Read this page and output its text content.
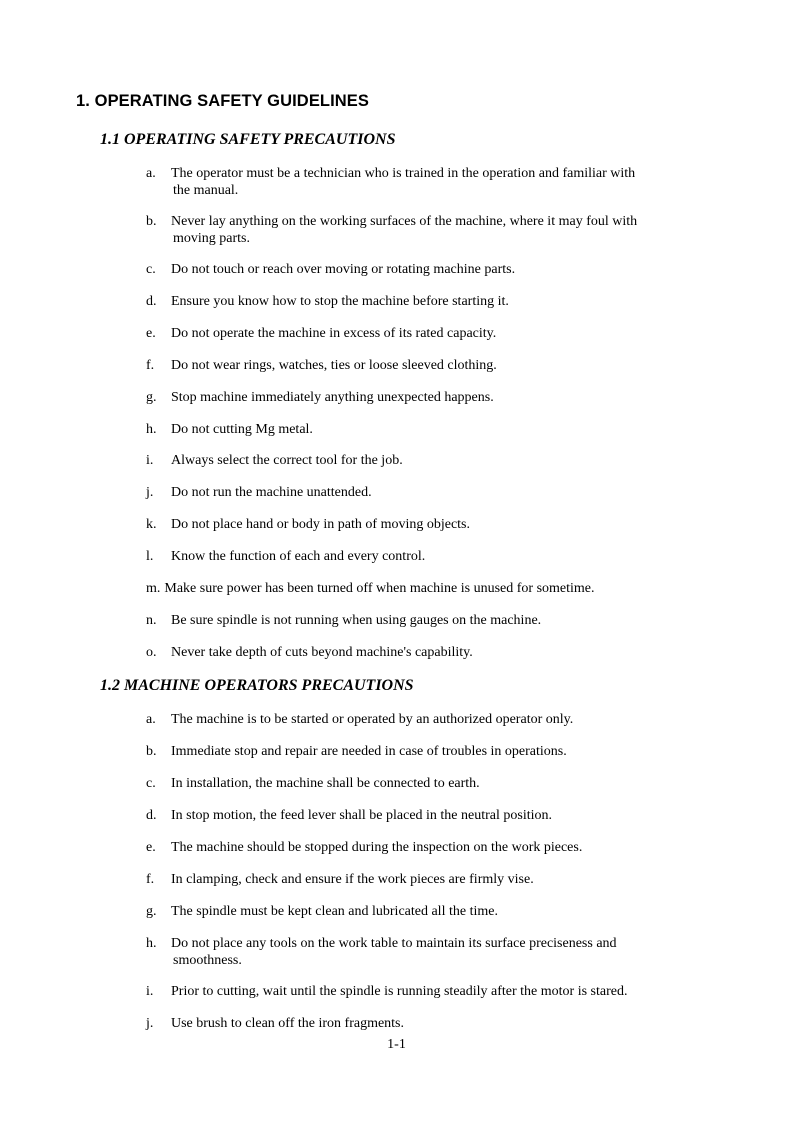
1. OPERATING SAFETY GUIDELINES
1.1 OPERATING SAFETY PRECAUTIONS
a. The operator must be a technician who is trained in the operation and familiar with
the manual.
b. Never lay anything on the working surfaces of the machine, where it may foul with
moving parts.
c. Do not touch or reach over moving or rotating machine parts.
d. Ensure you know how to stop the machine before starting it.
e. Do not operate the machine in excess of its rated capacity.
f. Do not wear rings, watches, ties or loose sleeved clothing.
g. Stop machine immediately anything unexpected happens.
h. Do not cutting Mg metal.
i. Always select the correct tool for the job.
j. Do not run the machine unattended.
k. Do not place hand or body in path of moving objects.
l. Know the function of each and every control.
m. Make sure power has been turned off when machine is unused for sometime.
n. Be sure spindle is not running when using gauges on the machine.
o. Never take depth of cuts beyond machine's capability.
1.2 MACHINE OPERATORS PRECAUTIONS
a. The machine is to be started or operated by an authorized operator only.
b. Immediate stop and repair are needed in case of troubles in operations.
c. In installation, the machine shall be connected to earth.
d. In stop motion, the feed lever shall be placed in the neutral position.
e. The machine should be stopped during the inspection on the work pieces.
f. In clamping, check and ensure if the work pieces are firmly vise.
g. The spindle must be kept clean and lubricated all the time.
h. Do not place any tools on the work table to maintain its surface preciseness and
smoothness.
i. Prior to cutting, wait until the spindle is running steadily after the motor is stared.
j. Use brush to clean off the iron fragments.
1-1
